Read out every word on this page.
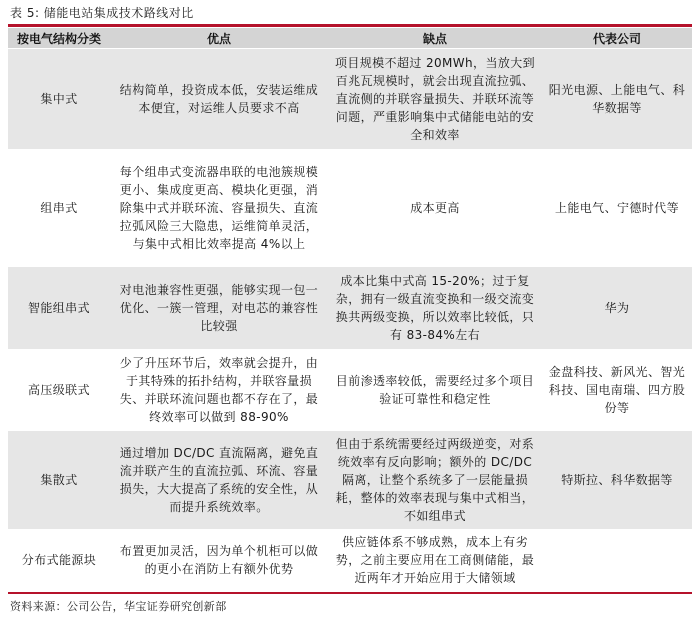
表 5: 储能电站集成技术路线对比
按电气结构分类	优点	缺点	代表公司
集中式	结构简单，投资成本低，安装运维成本便宜，对运维人员要求不高	项目规模不超过 20MWh，当放大到百兆瓦规模时，就会出现直流拉弧、直流侧的并联容量损失、并联环流等问题，严重影响集中式储能电站的安全和效率	阳光电源、上能电气、科华数据等
组串式	每个组串式变流器串联的电池簇规模更小、集成度更高、模块化更强，消除集中式并联环流、容量损失、直流拉弧风险三大隐患，运维简单灵活，与集中式相比效率提高 4%以上	成本更高	上能电气、宁德时代等
智能组串式	对电池兼容性更强，能够实现一包一优化、一簇一管理，对电芯的兼容性比较强	成本比集中式高 15-20%；过于复杂，拥有一级直流变换和一级交流变换共两级变换，所以效率比较低，只有 83-84%左右	华为
高压级联式	少了升压环节后，效率就会提升，由于其特殊的拓扑结构，并联容量损失、并联环流问题也都不存在了，最终效率可以做到 88-90%	目前渗透率较低，需要经过多个项目验证可靠性和稳定性	金盘科技、新风光、智光科技、国电南瑞、四方股份等
集散式	通过增加 DC/DC 直流隔离，避免直流并联产生的直流拉弧、环流、容量损失，大大提高了系统的安全性，从而提升系统效率。	但由于系统需要经过两级逆变，对系统效率有反向影响；额外的 DC/DC 隔离，让整个系统多了一层能量损耗，整体的效率表现与集中式相当，不如组串式	特斯拉、科华数据等
分布式能源块	布置更加灵活，因为单个机柜可以做的更小在消防上有额外优势	供应链体系不够成熟，成本上有劣势，之前主要应用在工商侧储能，最近两年才开始应用于大储领域	
资料来源：公司公告，华宝证券研究创新部
